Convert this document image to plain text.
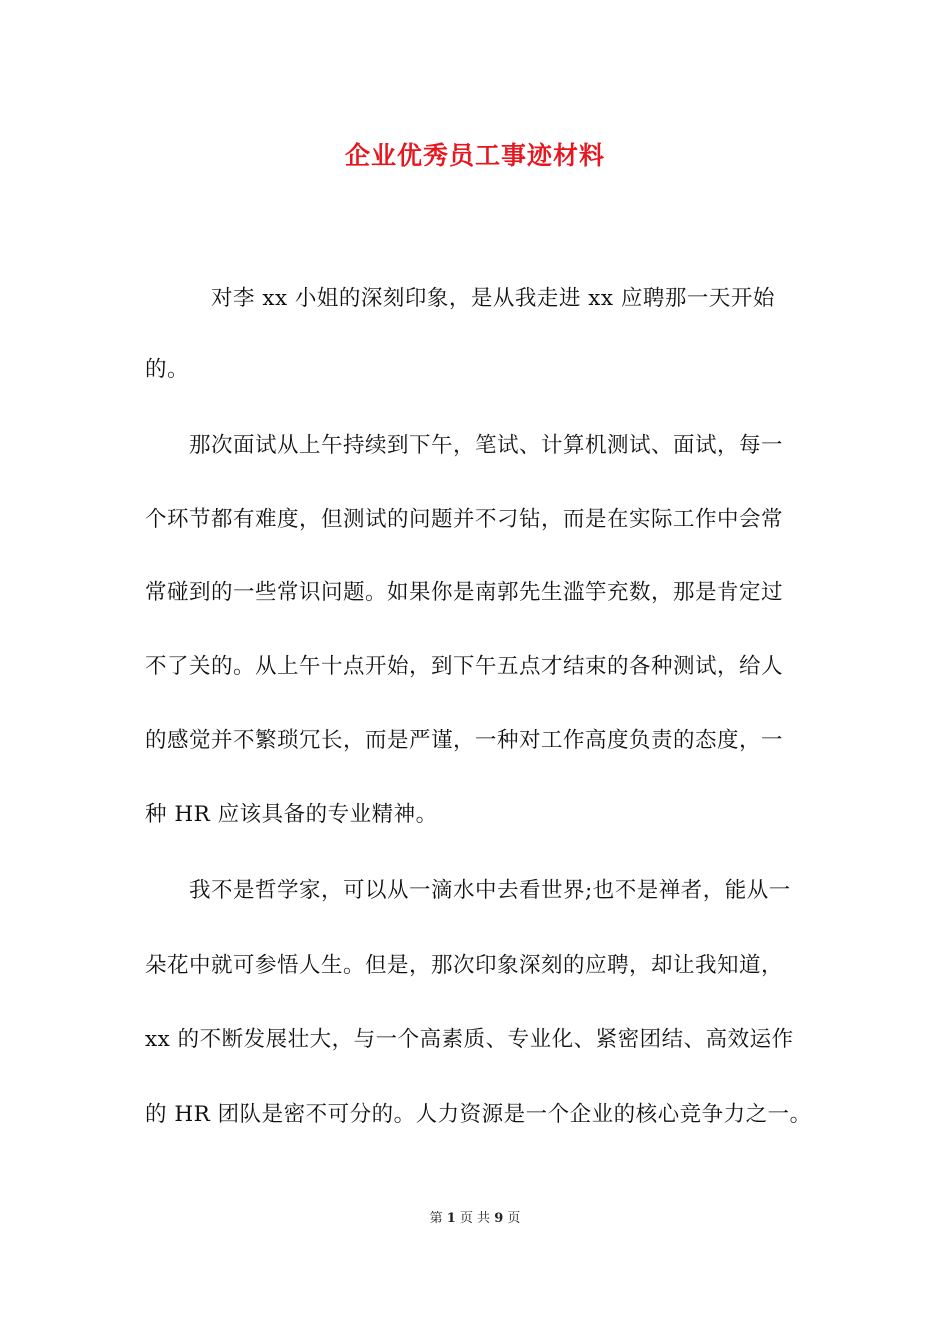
企业优秀员工事迹材料
　　　对李 xx 小姐的深刻印象，是从我走进 xx 应聘那一天开始
的。
　　那次面试从上午持续到下午，笔试、计算机测试、面试，每一
个环节都有难度，但测试的问题并不刁钻，而是在实际工作中会常
常碰到的一些常识问题。如果你是南郭先生滥竽充数，那是肯定过
不了关的。从上午十点开始，到下午五点才结束的各种测试，给人
的感觉并不繁琐冗长，而是严谨，一种对工作高度负责的态度，一
种 HR 应该具备的专业精神。
　　我不是哲学家，可以从一滴水中去看世界;也不是禅者，能从一
朵花中就可参悟人生。但是，那次印象深刻的应聘，却让我知道，
xx 的不断发展壮大，与一个高素质、专业化、紧密团结、高效运作
的 HR 团队是密不可分的。人力资源是一个企业的核心竞争力之一。
第 1 页 共 9 页
